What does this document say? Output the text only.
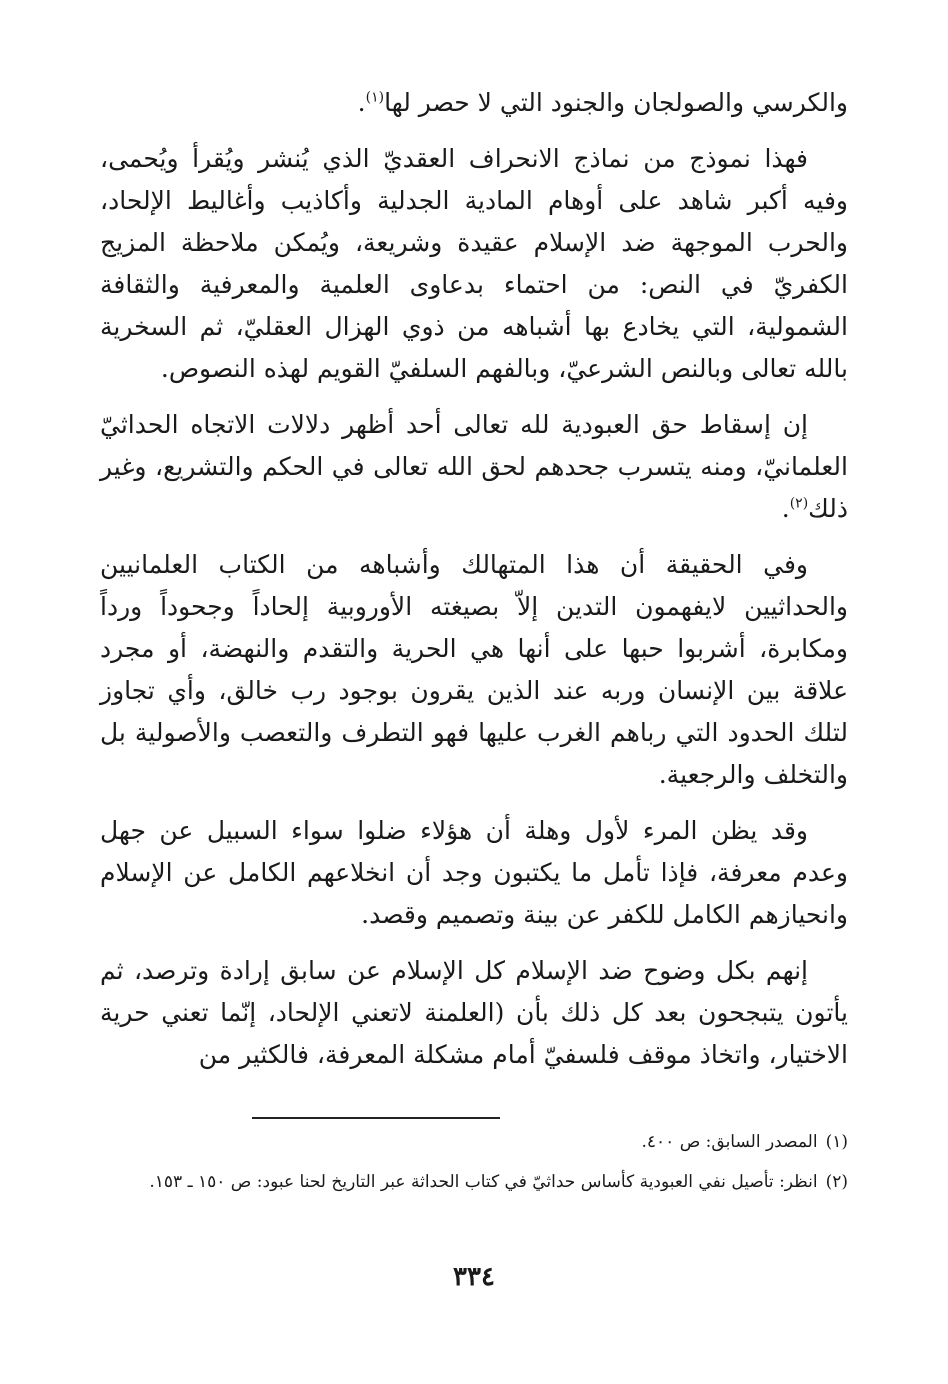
والكرسي والصولجان والجنود التي لا حصر لها$^{(١)}$.

فهذا نموذج من نماذج الانحراف العقديّ الذي يُنشر ويُقرأ ويُحمى، وفيه أكبر شاهد على أوهام المادية الجدلية وأكاذيب وأغاليط الإلحاد، والحرب الموجهة ضد الإسلام عقيدة وشريعة، ويُمكن ملاحظة المزيج الكفريّ في النص: من احتماء بدعاوى العلمية والمعرفية والثقافة الشمولية، التي يخادع بها أشباهه من ذوي الهزال العقليّ، ثم السخرية بالله تعالى وبالنص الشرعيّ، وبالفهم السلفيّ القويم لهذه النصوص.

إن إسقاط حق العبودية لله تعالى أحد أظهر دلالات الاتجاه الحداثيّ العلمانيّ، ومنه يتسرب جحدهم لحق الله تعالى في الحكم والتشريع، وغير ذلك$^{(٢)}$.

وفي الحقيقة أن هذا المتهالك وأشباهه من الكتاب العلمانيين والحداثيين لايفهمون التدين إلاّ بصيغته الأوروبية إلحاداً وجحوداً ورداً ومكابرة، أشربوا حبها على أنها هي الحرية والتقدم والنهضة، أو مجرد علاقة بين الإنسان وربه عند الذين يقرون بوجود رب خالق، وأي تجاوز لتلك الحدود التي رباهم الغرب عليها فهو التطرف والتعصب والأصولية بل والتخلف والرجعية.

وقد يظن المرء لأول وهلة أن هؤلاء ضلوا سواء السبيل عن جهل وعدم معرفة، فإذا تأمل ما يكتبون وجد أن انخلاعهم الكامل عن الإسلام وانحيازهم الكامل للكفر عن بينة وتصميم وقصد.

إنهم بكل وضوح ضد الإسلام كل الإسلام عن سابق إرادة وترصد، ثم يأتون يتبجحون بعد كل ذلك بأن (العلمنة لاتعني الإلحاد، إنّما تعني حرية الاختيار، واتخاذ موقف فلسفيّ أمام مشكلة المعرفة، فالكثير من

(١)
المصدر السابق: ص ٤٠٠.
(٢)
انظر: تأصيل نفي العبودية كأساس حداثيّ في كتاب الحداثة عبر التاريخ لحنا عبود: ص ١٥٠ ـ ١٥٣.
٣٣٤
